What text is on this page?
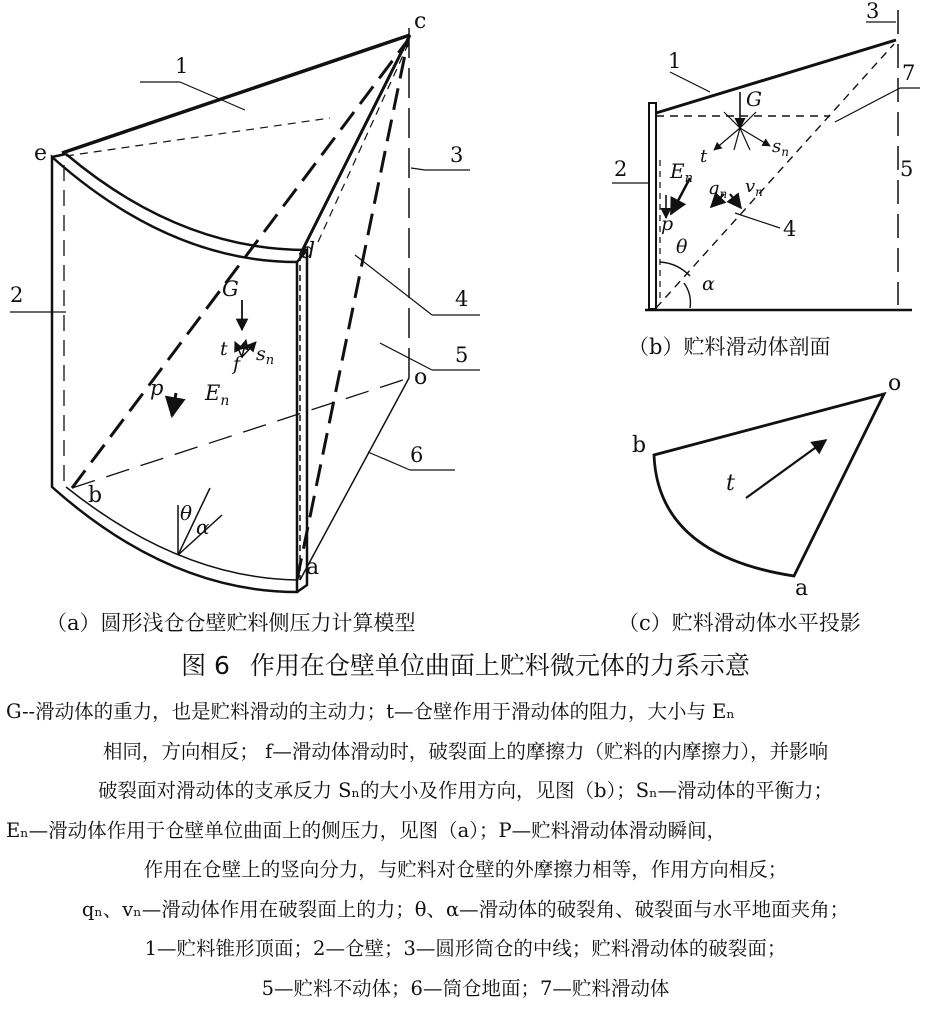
c
e
d
b
o
a
1
2
3
4
5
6
G
t
f $s_n$
p $E_n$
θ
α
1
2
3
4
5
7
G
t	$s_n$
$E_n$ $q_n$ $v_n$
p
θ
α
o
b
a
t
（a）圆形浅仓仓壁贮料侧压力计算模型
（b）贮料滑动体剖面
（c）贮料滑动体水平投影
图 6 作用在仓壁单位曲面上贮料微元体的力系示意
G--滑动体的重力，也是贮料滑动的主动力；t—仓壁作用于滑动体的阻力，大小与 Eₙ
相同，方向相反； f—滑动体滑动时，破裂面上的摩擦力（贮料的内摩擦力），并影响
破裂面对滑动体的支承反力 Sₙ的大小及作用方向，见图（b）；Sₙ—滑动体的平衡力；
Eₙ—滑动体作用于仓壁单位曲面上的侧压力，见图（a）；P—贮料滑动体滑动瞬间，
作用在仓壁上的竖向分力，与贮料对仓壁的外摩擦力相等，作用方向相反；
qₙ、vₙ—滑动体作用在破裂面上的力；θ、α—滑动体的破裂角、破裂面与水平地面夹角；
1—贮料锥形顶面；2—仓壁；3—圆形筒仓的中线；贮料滑动体的破裂面；
5—贮料不动体；6—筒仓地面；7—贮料滑动体
